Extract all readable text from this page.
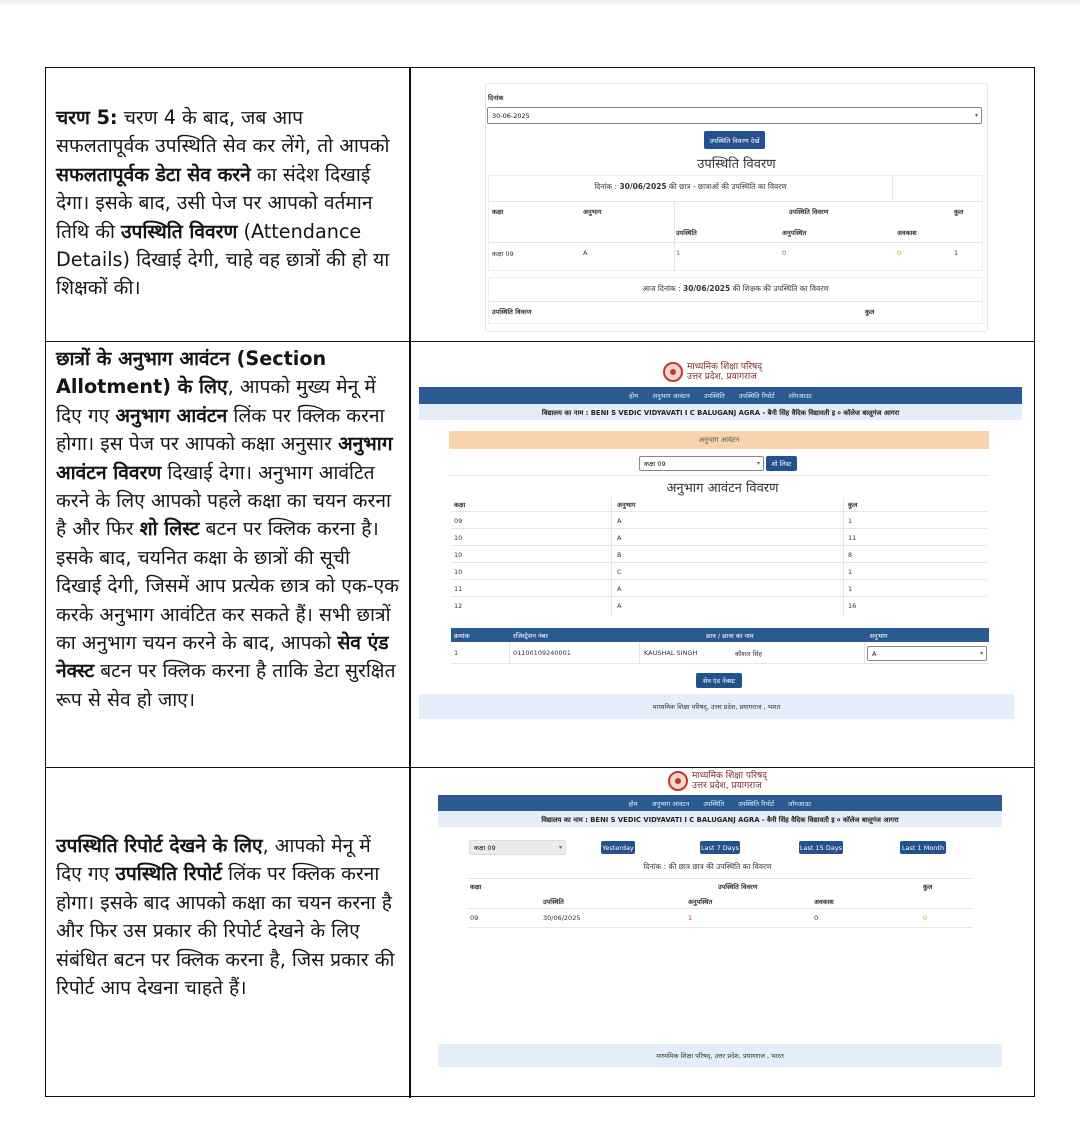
चरण 5: चरण 4 के बाद, जब आप सफलतापूर्वक उपस्थिति सेव कर लेंगे, तो आपको सफलतापूर्वक डेटा सेव करने का संदेश दिखाई देगा। इसके बाद, उसी पेज पर आपको वर्तमान तिथि की उपस्थिति विवरण (Attendance Details) दिखाई देगी, चाहे वह छात्रों की हो या शिक्षकों की।
दिनांक
30-06-2025	▾
उपस्थिति विवरण देखें
उपस्थिति विवरण
दिनांक : 30/06/2025 की छात्र - छात्राओं की उपस्थिति का विवरण
कक्षा	अनुभाग	उपस्थिति विवरण	कुल
उपस्थिति	अनुपस्थित	अवकाश
कक्षा 09	A	1	0	0	1
आज दिनांक : 30/06/2025 की शिक्षक की उपस्थिति का विवरण
उपस्थिति विवरण	कुल
छात्रों के अनुभाग आवंटन (Section Allotment) के लिए, आपको मुख्य मेनू में दिए गए अनुभाग आवंटन लिंक पर क्लिक करना होगा। इस पेज पर आपको कक्षा अनुसार अनुभाग आवंटन विवरण दिखाई देगा। अनुभाग आवंटित करने के लिए आपको पहले कक्षा का चयन करना है और फिर शो लिस्ट बटन पर क्लिक करना है। इसके बाद, चयनित कक्षा के छात्रों की सूची दिखाई देगी, जिसमें आप प्रत्येक छात्र को एक-एक करके अनुभाग आवंटित कर सकते हैं। सभी छात्रों का अनुभाग चयन करने के बाद, आपको सेव एंड नेक्स्ट बटन पर क्लिक करना है ताकि डेटा सुरक्षित रूप से सेव हो जाए।
माध्यमिक शिक्षा परिषद्
उत्तर प्रदेश, प्रयागराज
होम अनुभाग आवंटन उपस्थिति उपस्थिति रिपोर्ट लॉगआउट
विद्यालय का नाम :
BENI S VEDIC VIDYAVATI I C BALUGANJ AGRA - बैनी सिंह वैदिक विद्यावती इ ० कॉलेज बालूगंज आगरा
अनुभाग आवंटन
कक्षा 09	▾	शो लिस्ट
अनुभाग आवंटन विवरण
कक्षा	अनुभाग	कुल
09	A	1
10	A	11
10	B	8
10	C	1
11	A	1
12	A	16
क्रमांक	रजिस्ट्रेशन नंबर	छात्र / छात्रा का नाम	अनुभाग
1	01100109240001	KAUSHAL SINGH	कौशल सिंह	A	▾
सेव एंड नेक्स्ट
माध्यमिक शिक्षा परिषद्, उत्तर प्रदेश, प्रयागराज , भारत
उपस्थिति रिपोर्ट देखने के लिए, आपको मेनू में दिए गए उपस्थिति रिपोर्ट लिंक पर क्लिक करना होगा। इसके बाद आपको कक्षा का चयन करना है और फिर उस प्रकार की रिपोर्ट देखने के लिए संबंधित बटन पर क्लिक करना है, जिस प्रकार की रिपोर्ट आप देखना चाहते हैं।
माध्यमिक शिक्षा परिषद्
उत्तर प्रदेश, प्रयागराज
होम अनुभाग आवंटन उपस्थिति उपस्थिति रिपोर्ट लॉगआउट
विद्यालय का नाम :
BENI S VEDIC VIDYAVATI I C BALUGANJ AGRA - बैनी सिंह वैदिक विद्यावती इ ० कॉलेज बालूगंज आगरा
कक्षा 09	▾	Yesterday	Last 7 Days	Last 15 Days	Last 1 Month
दिनांक : की छात्र छात्र की उपस्थिति का विवरण
कक्षा	उपस्थिति विवरण	कुल
उपस्थिति	अनुपस्थित	अवकाश
09	30/06/2025	1	0	0
माध्यमिक शिक्षा परिषद्, उत्तर प्रदेश, प्रयागराज , भारत
